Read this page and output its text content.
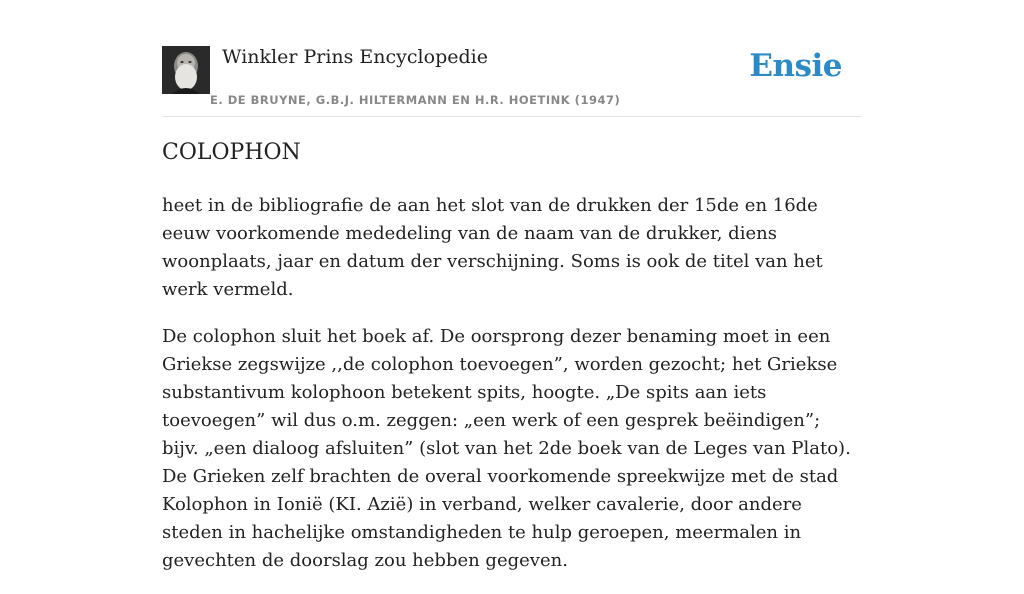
Winkler Prins Encyclopedie
E. DE BRUYNE, G.B.J. HILTERMANN EN H.R. HOETINK (1947)
Ensie
COLOPHON

heet in de bibliografie de aan het slot van de drukken der 15de en 16de eeuw voorkomende mededeling van de naam van de drukker, diens woonplaats, jaar en datum der verschijning. Soms is ook de titel van het werk vermeld.

De colophon sluit het boek af. De oorsprong dezer benaming moet in een Griekse zegswijze ,,de colophon toevoegen”, worden gezocht; het Griekse substantivum kolophoon betekent spits, hoogte. „De spits aan iets toevoegen” wil dus o.m. zeggen: „een werk of een gesprek beëindigen”; bijv. „een dialoog afsluiten” (slot van het 2de boek van de Leges van Plato). De Grieken zelf brachten de overal voorkomende spreekwijze met de stad Kolophon in Ionië (KI. Azië) in verband, welker cavalerie, door andere steden in hachelijke omstandigheden te hulp geroepen, meermalen in gevechten de doorslag zou hebben gegeven.
